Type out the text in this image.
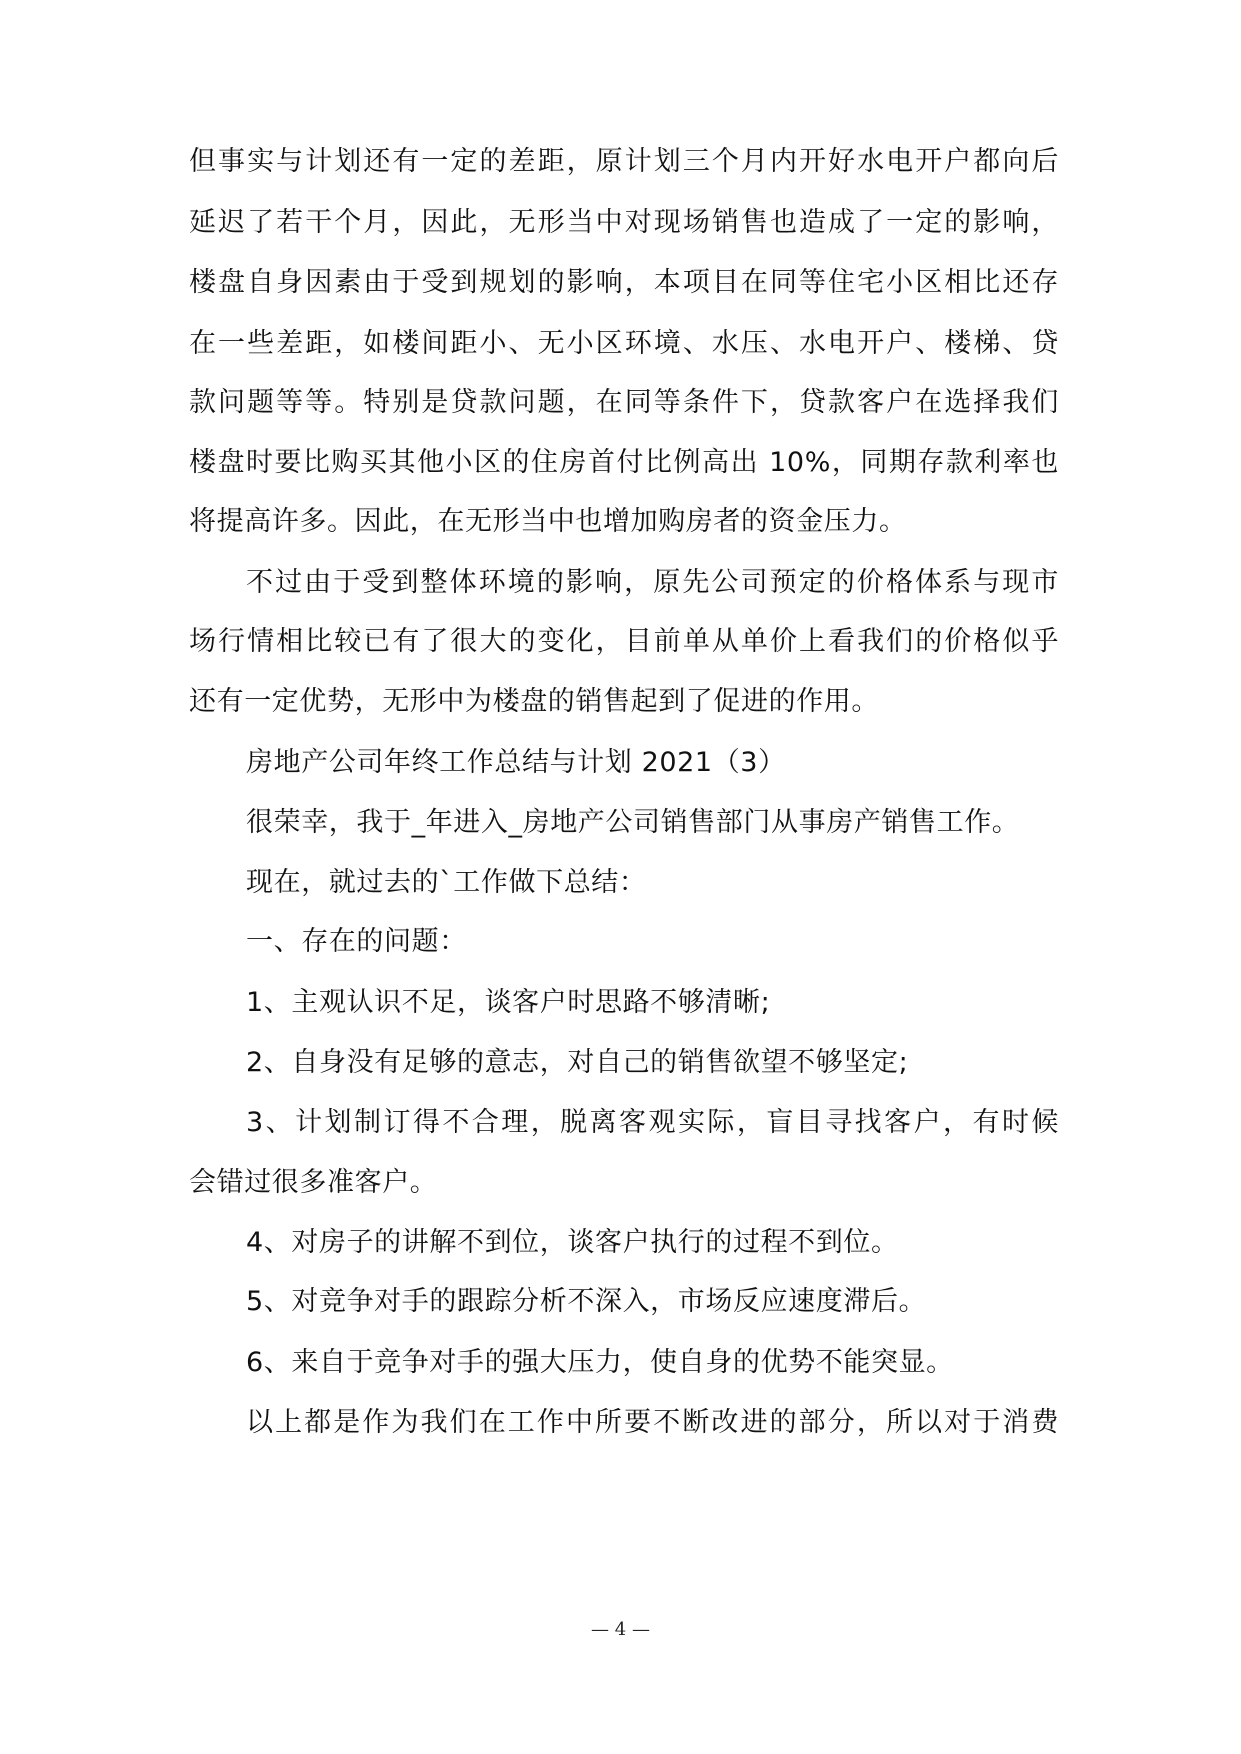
但事实与计划还有一定的差距，原计划三个月内开好水电开户都向后
延迟了若干个月，因此，无形当中对现场销售也造成了一定的影响，
楼盘自身因素由于受到规划的影响，本项目在同等住宅小区相比还存
在一些差距，如楼间距小、无小区环境、水压、水电开户、楼梯、贷
款问题等等。特别是贷款问题，在同等条件下，贷款客户在选择我们
楼盘时要比购买其他小区的住房首付比例高出 10%，同期存款利率也
将提高许多。因此，在无形当中也增加购房者的资金压力。
不过由于受到整体环境的影响，原先公司预定的价格体系与现市
场行情相比较已有了很大的变化，目前单从单价上看我们的价格似乎
还有一定优势，无形中为楼盘的销售起到了促进的作用。
房地产公司年终工作总结与计划 2021（3）
很荣幸，我于_年进入_房地产公司销售部门从事房产销售工作。
现在，就过去的`工作做下总结：
一、存在的问题：
1、主观认识不足，谈客户时思路不够清晰;
2、自身没有足够的意志，对自己的销售欲望不够坚定;
3、计划制订得不合理，脱离客观实际，盲目寻找客户，有时候
会错过很多准客户。
4、对房子的讲解不到位，谈客户执行的过程不到位。
5、对竞争对手的跟踪分析不深入，市场反应速度滞后。
6、来自于竞争对手的强大压力，使自身的优势不能突显。
以上都是作为我们在工作中所要不断改进的部分，所以对于消费
— 4 —
